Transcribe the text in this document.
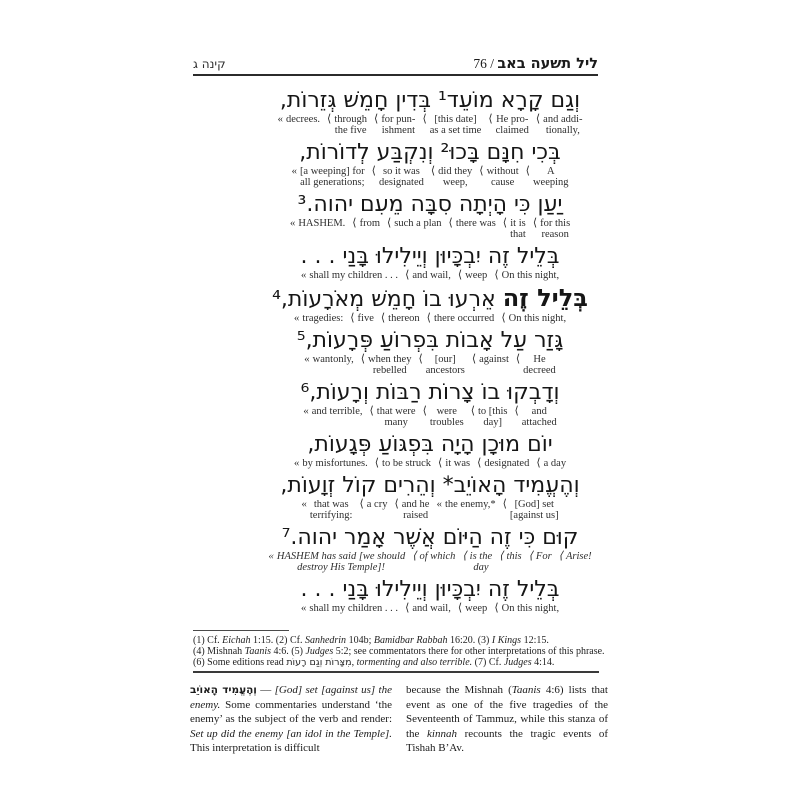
קינה ג	76 / ליל תשעה באב
וְגַם קָרָא מוֹעֵד¹ בְּדִין חָמֵשׁ גְּזֵרוֹת,
« decrees. ⟨ through
the five
⟨ for pun-
ishment
⟨ [this date]
as a set time
⟨ He pro-
claimed
⟨ and addi-
tionally,
בְּכִי חִנָּם בָּכוּ² וְנִקְבַּע לְדוֹרוֹת,
« [a weeping] for
all generations;
⟨ so it was
designated
⟨ did they
weep,
⟨ without
cause
⟨ A
weeping
יַעַן כִּי הָיְתָה סִבָּה מֵעִם יהוה.³
« HASHEM. ⟨ from ⟨ such a plan ⟨ there was ⟨ it is
that
⟨ for this
reason
בְּלֵיל זֶה יִבְכָּיוּן וְיֵילִילוּ בָּנַי . . .
« shall my children . . . ⟨ and wail, ⟨ weep ⟨ On this night,
בְּלֵיל זֶה אֵרְעוּ בוֹ חָמֵשׁ מְאֹרָעוֹת,⁴
« tragedies: ⟨ five ⟨ thereon ⟨ there occurred ⟨ On this night,
גָּזַר עַל אָבוֹת בִּפְרוֹעַ פְּרָעוֹת,⁵
« wantonly, ⟨ when they
rebelled
⟨ [our]
ancestors
⟨ against ⟨ He
decreed
וְדָבְקוּ בוֹ צָרוֹת רַבּוֹת וְרָעוֹת,⁶
« and terrible, ⟨ that were
many
⟨ were
troubles
⟨ to [this
day]
⟨ and
attached
יוֹם מוּכָן הָיָה בִּפְגּוֹעַ פְּגָעוֹת,
« by misfortunes. ⟨ to be struck ⟨ it was ⟨ designated ⟨ a day
וְהֶעֱמִיד הָאוֹיֵב* וְהֵרִים קוֹל זְוָעוֹת,
« that was
terrifying:
⟨ a cry ⟨ and he
raised
« the enemy,* ⟨ [God] set
[against us]
קוּם כִּי זֶה הַיּוֹם אֲשֶׁר אָמַר יהוה.⁷
« HASHEM has said [we should
destroy His Temple]!
⟨ of which ⟨ is the
day
⟨ this ⟨ For ⟨ Arise!
בְּלֵיל זֶה יִבְכָּיוּן וְיֵילִילוּ בָּנַי . . .
« shall my children . . . ⟨ and wail, ⟨ weep ⟨ On this night,
(1) Cf. Eichah 1:15. (2) Cf. Sanhedrin 104b; Bamidbar Rabbah 16:20. (3) I Kings 12:15.
(4) Mishnah Taanis 4:6. (5) Judges 5:2; see commentators there for other interpretations of this phrase.
(6) Some editions read מִצָּרוֹת וְגַם רָעוֹת, tormenting and also terrible. (7) Cf. Judges 4:14.
וְהֶעֱמִיד הָאוֹיֵב — [God] set [against us] the enemy. Some commentaries understand ‘the enemy’ as the subject of the verb and render: Set up did the enemy [an idol in the Temple]. This interpretation is difficult
because the Mishnah (Taanis 4:6) lists that event as one of the five tragedies of the Seventeenth of Tammuz, while this stanza of the kinnah recounts the tragic events of Tishah B’Av.
